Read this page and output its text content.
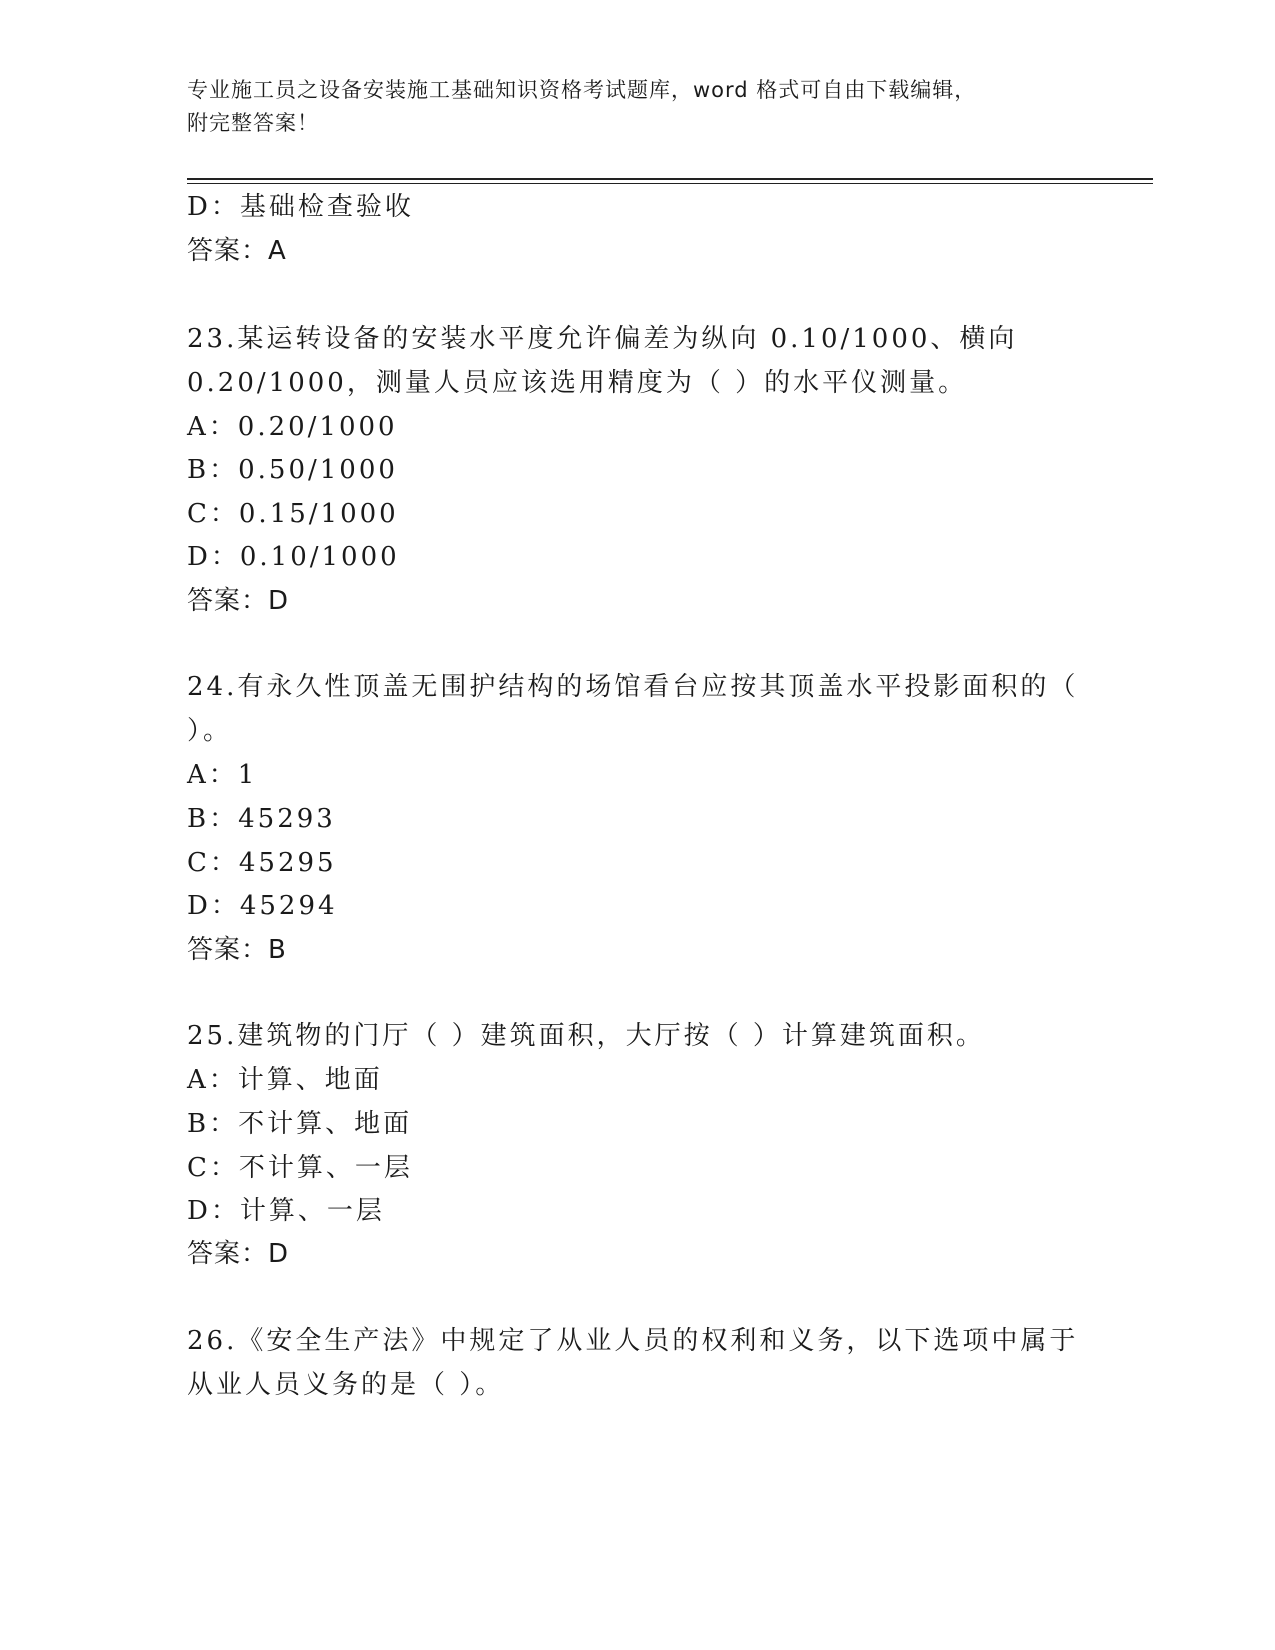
专业施工员之设备安装施工基础知识资格考试题库，word 格式可自由下载编辑，
附完整答案！
D：基础检查验收
答案：A
23.某运转设备的安装水平度允许偏差为纵向 0.10/1000、横向
0.20/1000，测量人员应该选用精度为（ ）的水平仪测量。
A：0.20/1000
B：0.50/1000
C：0.15/1000
D：0.10/1000
答案：D
24.有永久性顶盖无围护结构的场馆看台应按其顶盖水平投影面积的（
）。
A：1
B：45293
C：45295
D：45294
答案：B
25.建筑物的门厅（ ）建筑面积，大厅按（ ）计算建筑面积。
A：计算、地面
B：不计算、地面
C：不计算、一层
D：计算、一层
答案：D
26.《安全生产法》中规定了从业人员的权利和义务，以下选项中属于
从业人员义务的是（ ）。
